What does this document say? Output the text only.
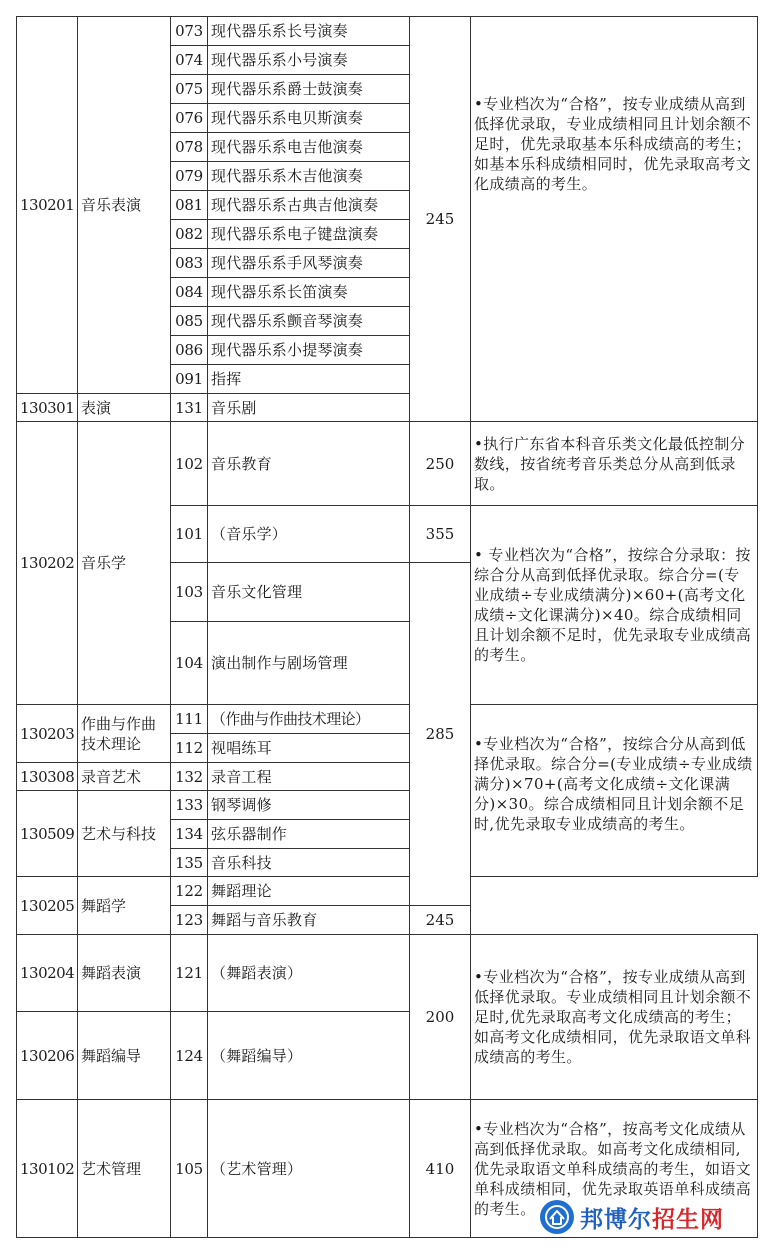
130201	音乐表演	073	现代器乐系长号演奏	245	•专业档次为“合格”，按专业成绩从高到低择优录取，专业成绩相同且计划余额不足时，优先录取基本乐科成绩高的考生；如基本乐科成绩相同时，优先录取高考文化成绩高的考生。
		074	现代器乐系小号演奏		
		075	现代器乐系爵士鼓演奏		
		076	现代器乐系电贝斯演奏		
		078	现代器乐系电吉他演奏		
		079	现代器乐系木吉他演奏		
		081	现代器乐系古典吉他演奏		
		082	现代器乐系电子键盘演奏		
		083	现代器乐系手风琴演奏		
		084	现代器乐系长笛演奏		
		085	现代器乐系颤音琴演奏		
		086	现代器乐系小提琴演奏		
		091	指挥		
130301	表演	131	音乐剧		
130202	音乐学	102	音乐教育	250	•执行广东省本科音乐类文化最低控制分数线，按省统考音乐类总分从高到低录取。
		101	（音乐学）	355	• 专业档次为“合格”，按综合分录取：按综合分从高到低择优录取。综合分=(专业成绩÷专业成绩满分)×60+(高考文化成绩÷文化课满分)×40。综合成绩相同且计划余额不足时，优先录取专业成绩高的考生。
		103	音乐文化管理	285	
		104	演出制作与剧场管理		
130203	作曲与作曲技术理论	111	（作曲与作曲技术理论）		•专业档次为“合格”，按综合分从高到低择优录取。综合分=(专业成绩÷专业成绩满分)×70+(高考文化成绩÷文化课满分)×30。综合成绩相同且计划余额不足时,优先录取专业成绩高的考生。
		112	视唱练耳		
130308	录音艺术	132	录音工程		
130509	艺术与科技	133	钢琴调修		
		134	弦乐器制作		
		135	音乐科技		
130205	舞蹈学	122	舞蹈理论		
		123	舞蹈与音乐教育	245	
130204	舞蹈表演	121	（舞蹈表演）	200	•专业档次为“合格”，按专业成绩从高到低择优录取。专业成绩相同且计划余额不足时,优先录取高考文化成绩高的考生；如高考文化成绩相同，优先录取语文单科成绩高的考生。
130206	舞蹈编导	124	（舞蹈编导）		
130102	艺术管理	105	（艺术管理）	410	•专业档次为“合格”，按高考文化成绩从高到低择优录取。如高考文化成绩相同,优先录取语文单科成绩高的考生，如语文单科成绩相同，优先录取英语单科成绩高的考生。 邦博尔招生网
